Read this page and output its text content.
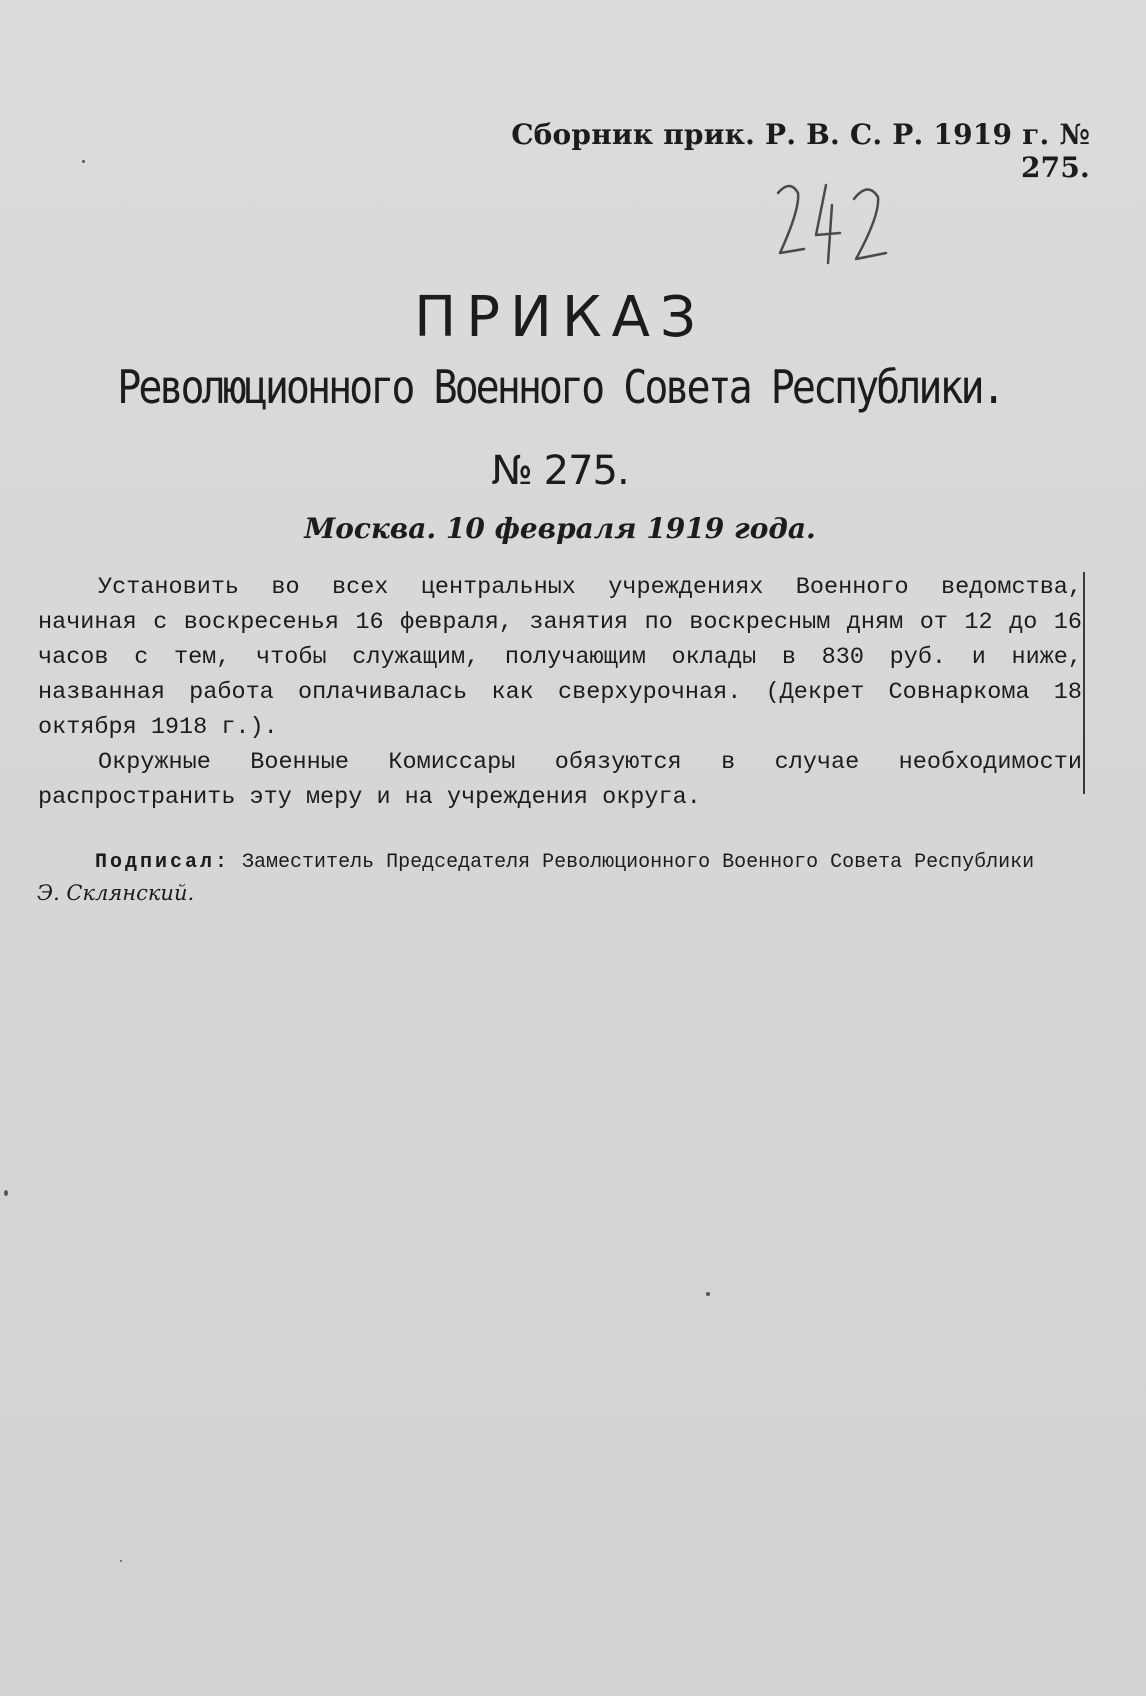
Сборник прик. Р. В. С. Р. 1919 г. № 275.
ПРИКАЗ
Революционного Военного Совета Республики.
№ 275.
Москва. 10 февраля 1919 года.

Установить во всех центральных учреждениях Военного ведомства, начиная с воскресенья 16 февраля, занятия по воскресным дням от 12 до 16 часов с тем, чтобы служащим, получающим оклады в 830 руб. и ниже, названная работа оплачивалась как сверхурочная. (Декрет Совнаркома 18 октября 1918 г.).

Окружные Военные Комиссары обязуются в случае необходимости распространить эту меру и на учреждения округа.

Подписал: Заместитель Председателя Революционного Военного Совета Республики
Э. Склянский.
